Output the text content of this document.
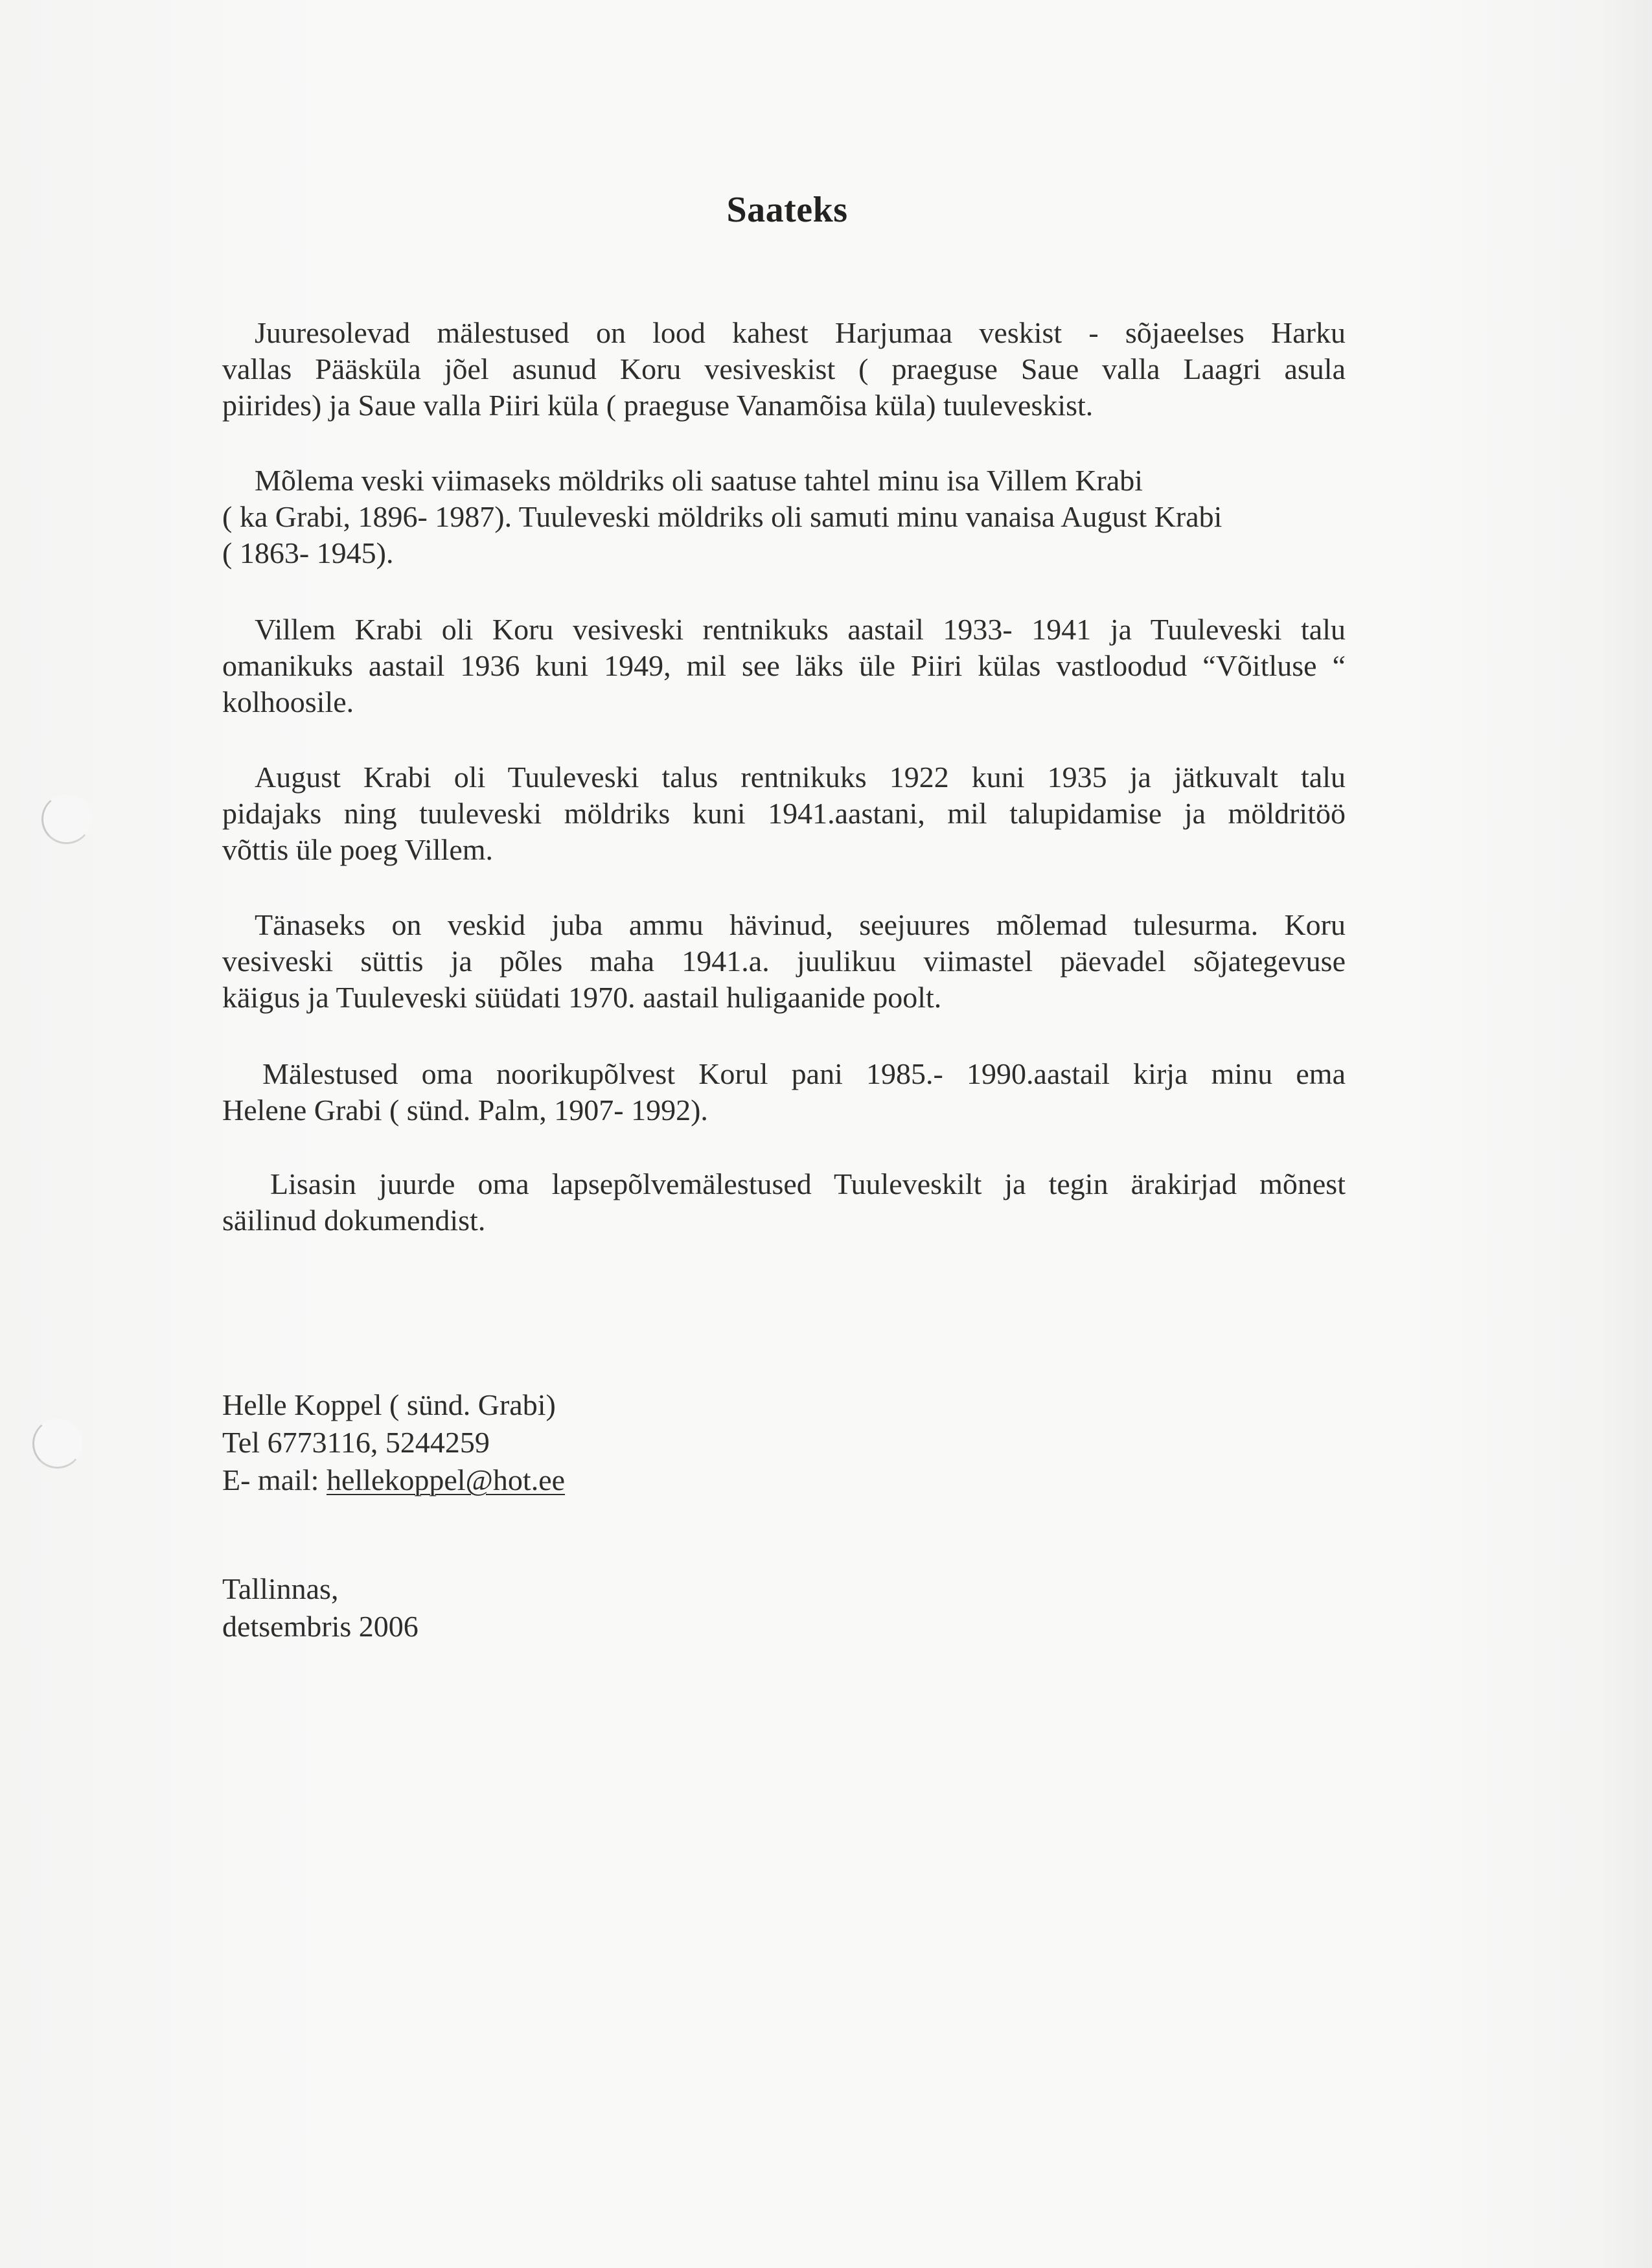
Saateks
Juuresolevad mälestused on lood kahest Harjumaa veskist - sõjaeelses Harku
vallas Pääsküla jõel asunud Koru vesiveskist ( praeguse Saue valla Laagri asula
piirides) ja Saue valla Piiri küla ( praeguse Vanamõisa küla) tuuleveskist.
Mõlema veski viimaseks möldriks oli saatuse tahtel minu isa Villem Krabi
( ka Grabi, 1896- 1987). Tuuleveski möldriks oli samuti minu vanaisa August Krabi
( 1863- 1945).
Villem Krabi oli Koru vesiveski rentnikuks aastail 1933- 1941 ja Tuuleveski talu
omanikuks aastail 1936 kuni 1949, mil see läks üle Piiri külas vastloodud “Võitluse “
kolhoosile.
August Krabi oli Tuuleveski talus rentnikuks 1922 kuni 1935 ja jätkuvalt talu
pidajaks ning tuuleveski möldriks kuni 1941.aastani, mil talupidamise ja möldritöö
võttis üle poeg Villem.
Tänaseks on veskid juba ammu hävinud, seejuures mõlemad tulesurma. Koru
vesiveski süttis ja põles maha 1941.a. juulikuu viimastel päevadel sõjategevuse
käigus ja Tuuleveski süüdati 1970. aastail huligaanide poolt.
Mälestused oma noorikupõlvest Korul pani 1985.- 1990.aastail kirja minu ema
Helene Grabi ( sünd. Palm, 1907- 1992).
Lisasin juurde oma lapsepõlvemälestused Tuuleveskilt ja tegin ärakirjad mõnest
säilinud dokumendist.
Helle Koppel ( sünd. Grabi)
Tel 6773116, 5244259
E- mail: hellekoppel@hot.ee
Tallinnas,
detsembris 2006
